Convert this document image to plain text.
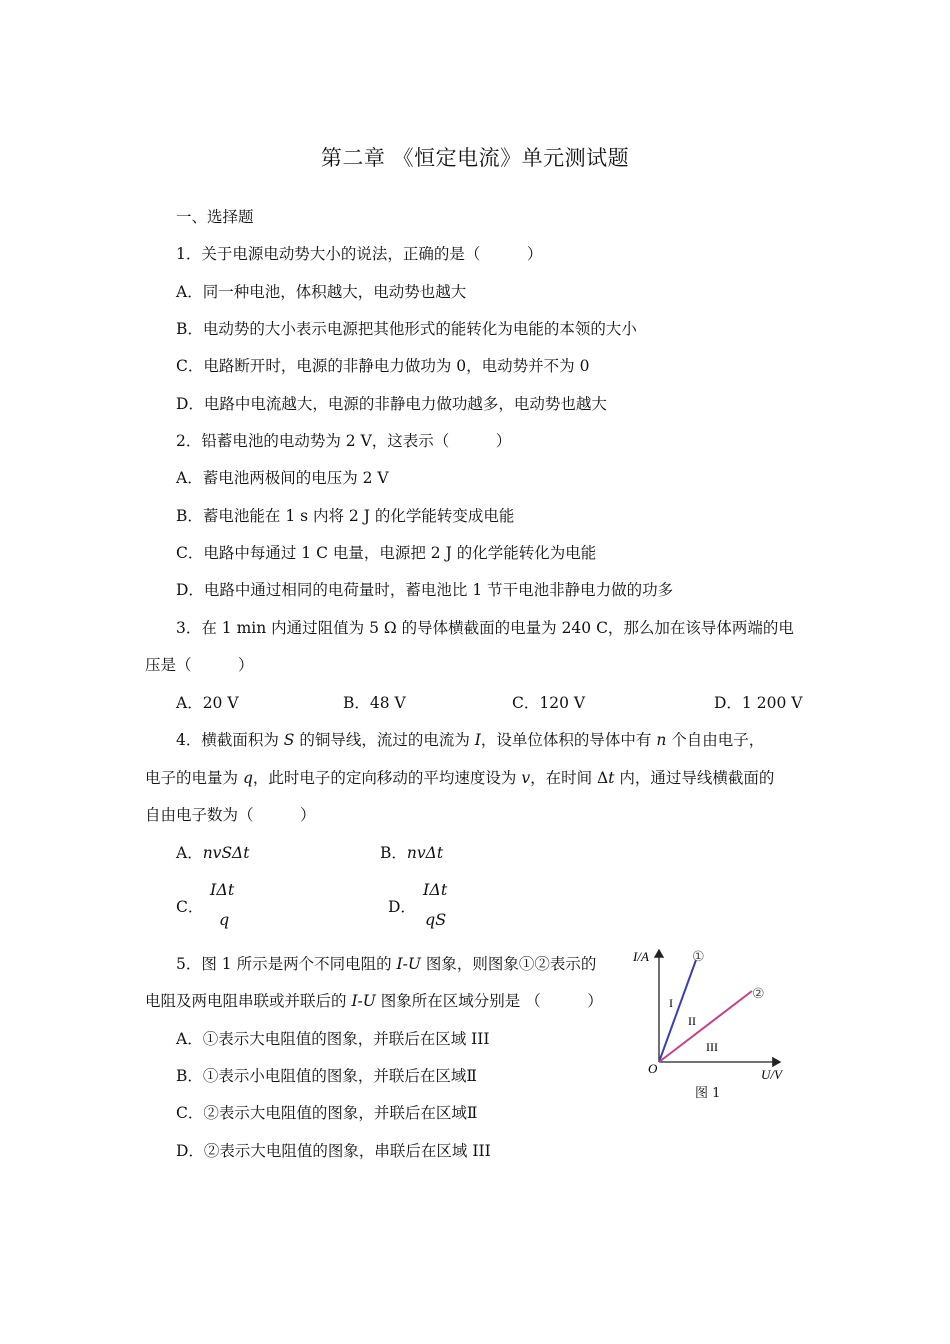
第二章 《恒定电流》单元测试题
一、选择题
1．关于电源电动势大小的说法，正确的是（　　　）
A．同一种电池，体积越大，电动势也越大
B．电动势的大小表示电源把其他形式的能转化为电能的本领的大小
C．电路断开时，电源的非静电力做功为 0，电动势并不为 0
D．电路中电流越大，电源的非静电力做功越多，电动势也越大
2．铅蓄电池的电动势为 2 V，这表示（　　　）
A．蓄电池两极间的电压为 2 V
B．蓄电池能在 1 s 内将 2 J 的化学能转变成电能
C．电路中每通过 1 C 电量，电源把 2 J 的化学能转化为电能
D．电路中通过相同的电荷量时，蓄电池比 1 节干电池非静电力做的功多
3．在 1 min 内通过阻值为 5 Ω 的导体横截面的电量为 240 C，那么加在该导体两端的电
压是（　　　）
A．20 V	B．48 V	C．120 V	D．1 200 V
4．横截面积为 S 的铜导线，流过的电流为 I，设单位体积的导体中有 n 个自由电子，
电子的电量为 q，此时电子的定向移动的平均速度设为 v，在时间 Δt 内，通过导线横截面的
自由电子数为（　　　）
A．nvSΔt	B．nvΔt
C．
IΔt
q
D．
IΔt
qS
5．图 1 所示是两个不同电阻的 I-U 图象，则图象①②表示的
电阻及两电阻串联或并联后的 I-U 图象所在区域分别是 （　　　）
A．①表示大电阻值的图象，并联后在区域 III
B．①表示小电阻值的图象，并联后在区域Ⅱ
C．②表示大电阻值的图象，并联后在区域Ⅱ
D．②表示大电阻值的图象，串联后在区域 III
I/A
U/V
O
①
②
I
II
III
图 1
